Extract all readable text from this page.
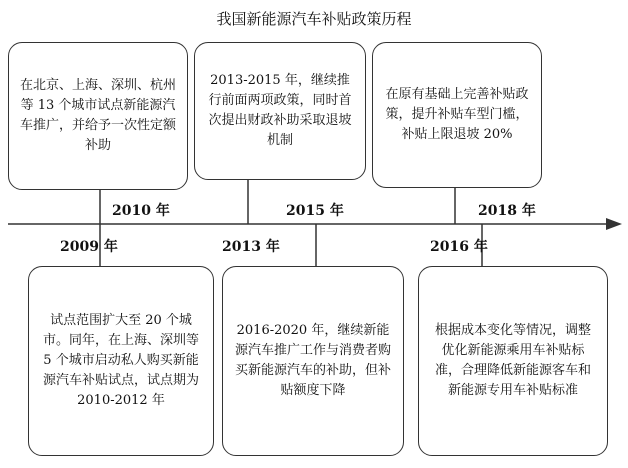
我国新能源汽车补贴政策历程
在北京、上海、深圳、杭州等 13 个城市试点新能源汽车推广，并给予一次性定额补助
2013-2015 年，继续推行前面两项政策，同时首次提出财政补助采取退坡机制
在原有基础上完善补贴政策，提升补贴车型门槛，补贴上限退坡 20%
试点范围扩大至 20 个城市。同年，在上海、深圳等 5 个城市启动私人购买新能源汽车补贴试点，试点期为 2010-2012 年
2016-2020 年，继续新能源汽车推广工作与消费者购买新能源汽车的补助，但补贴额度下降
根据成本变化等情况，调整优化新能源乘用车补贴标准，合理降低新能源客车和新能源专用车补贴标准
2010 年	2015 年	2018 年
2009 年	2013 年	2016 年
